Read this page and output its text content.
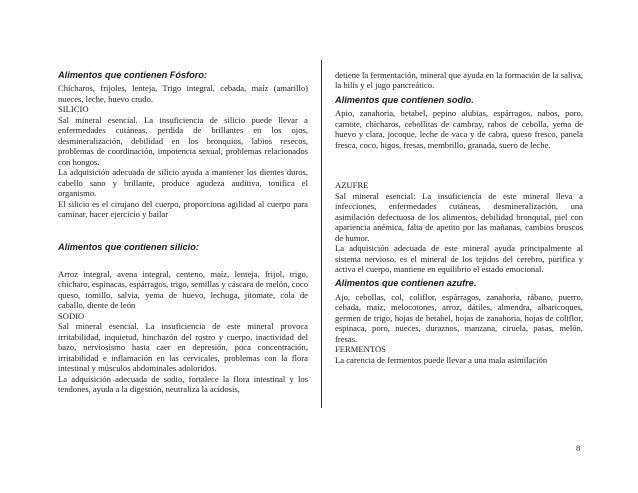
Alimentos que contienen Fósforo:

Chícharos, frijoles, lenteja, Trigo integral, cebada, maíz (amarillo) nueces, leche, huevo crudo.

SILICIO

Sal mineral esencial. La insuficiencia de silicio puede llevar a enfermedades cutáneas, perdida de brillantes en los ojos, desmineralización, debilidad en los bronquios, labios resecos, problemas de coordinación, impotencia sexual, problemas relacionados con hongos.

La adquisición adecuada de silicio ayuda a mantener los dientes duros, cabello sano y brillante, produce agudeza auditiva, tonifica el organismo.

El silicio es el cirujano del cuerpo, proporciona agilidad al cuerpo para caminar, hacer ejercicio y bailar

Alimentos que contienen silicio:

Arroz integral, avena integral, centeno, maíz, lenteja, frijol, trigo, chícharo, espinacas, espárragos, trigo, semillas y cáscara de melón, coco queso, tomillo, salvia, yema de huevo, lechuga, jitomate, cola de caballo, diente de león

SODIO

Sal mineral esencial. La insuficiencia de este mineral provoca irritabilidad, inquietud, hinchazón del rostro y cuerpo, inactividad del bazo, nerviosismo hasta caer en depresión, poca concentración, irritabilidad e inflamación en las cervicales, problemas con la flora intestinal y músculos abdominales adoloridos.

La adquisición adecuada de sodio, fortalece la flora intestinal y los tendones, ayuda a la digestión, neutraliza la acidosis,

detiene la fermentación, mineral que ayuda en la formación de la saliva, la bilis y el jugo pancreático.

Alimentos que contienen sodio.

Apio, zanahoria, betabel, pepino alubias, espárragos, nabos, poro, camote, chícharos, cebollitas de cambray, rabos de cebolla, yema de huevo y clara, jocoque, leche de vaca y de cabra, queso fresco, panela fresca, coco, higos, fresas, membrillo, granada, suero de leche.

AZUFRE

Sal mineral esencial: La insuficiencia de este mineral lleva a infecciones, enfermedades cutáneas, desmineralización, una asimilación defectuosa de los alimentos, debilidad bronquial, piel con apariencia anémica, falta de apetito por las mañanas, cambios bruscos de humor.

La adquisición adecuada de este mineral ayuda principalmente al sistema nervioso, es el mineral de los tejidos del cerebro, purifica y activa el cuerpo, mantiene en equilibrio el estado emocional.

Alimentos que contienen azufre.

Ajo, cebollas, col, coliflor, espárragos, zanahoria, rábano, puerro, cebada, maíz, melocotones, arroz, dátiles, almendra, albaricoques, germen de trigo, hojas de betabel, hojas de zanahoria, hojas de coliflor, espinaca, poro, nueces, duraznos, manzana, ciruela, pasas, melón, fresas.

FERMENTOS

La carencia de fermentos puede llevar a una mala asimilación

8
